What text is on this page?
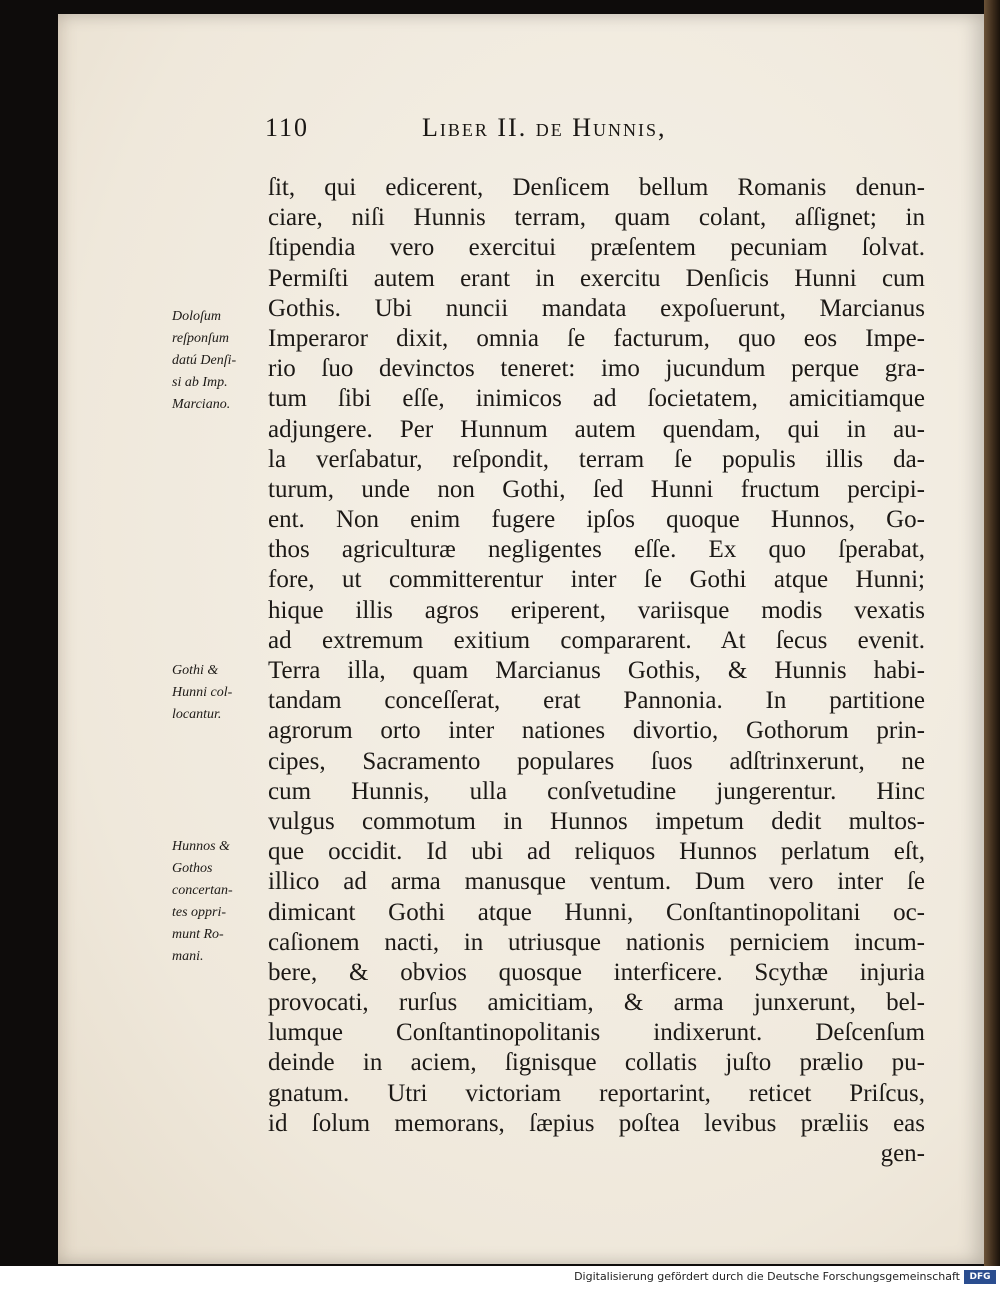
110	Liber II. de Hunnis,
ſit, qui edicerent, Denſicem bellum Romanis denun-
ciare, niſi Hunnis terram, quam colant, aſſignet; in
ſtipendia vero exercitui præſentem pecuniam ſolvat.
Permiſti autem erant in exercitu Denſicis Hunni cum
Gothis. Ubi nuncii mandata expoſuerunt, Marcianus
Imperaror dixit, omnia ſe facturum, quo eos Impe-
rio ſuo devinctos teneret: imo jucundum perque gra-
tum ſibi eſſe, inimicos ad ſocietatem, amicitiamque
adjungere. Per Hunnum autem quendam, qui in au-
la verſabatur, reſpondit, terram ſe populis illis da-
turum, unde non Gothi, ſed Hunni fructum percipi-
ent. Non enim fugere ipſos quoque Hunnos, Go-
thos agriculturæ negligentes eſſe. Ex quo ſperabat,
fore, ut committerentur inter ſe Gothi atque Hunni;
hique illis agros eriperent, variisque modis vexatis
ad extremum exitium compararent. At ſecus evenit.
Terra illa, quam Marcianus Gothis, & Hunnis habi-
tandam conceſſerat, erat Pannonia. In partitione
agrorum orto inter nationes divortio, Gothorum prin-
cipes, Sacramento populares ſuos adſtrinxerunt, ne
cum Hunnis, ulla conſvetudine jungerentur. Hinc
vulgus commotum in Hunnos impetum dedit multos-
que occidit. Id ubi ad reliquos Hunnos perlatum eſt,
illico ad arma manusque ventum. Dum vero inter ſe
dimicant Gothi atque Hunni, Conſtantinopolitani oc-
caſionem nacti, in utriusque nationis perniciem incum-
bere, & obvios quosque interficere. Scythæ injuria
provocati, rurſus amicitiam, & arma junxerunt, bel-
lumque Conſtantinopolitanis indixerunt. Deſcenſum
deinde in aciem, ſignisque collatis juſto prælio pu-
gnatum. Utri victoriam reportarint, reticet Priſcus,
id ſolum memorans, ſæpius poſtea levibus præliis eas
gen-
Doloſum
reſponſum
datú Denſi-
si ab Imp.
Marciano.
Gothi &
Hunni col-
locantur.
Hunnos &
Gothos
concertan-
tes oppri-
munt Ro-
mani.
Digitalisierung gefördert durch die Deutsche Forschungsgemeinschaft	DFG
